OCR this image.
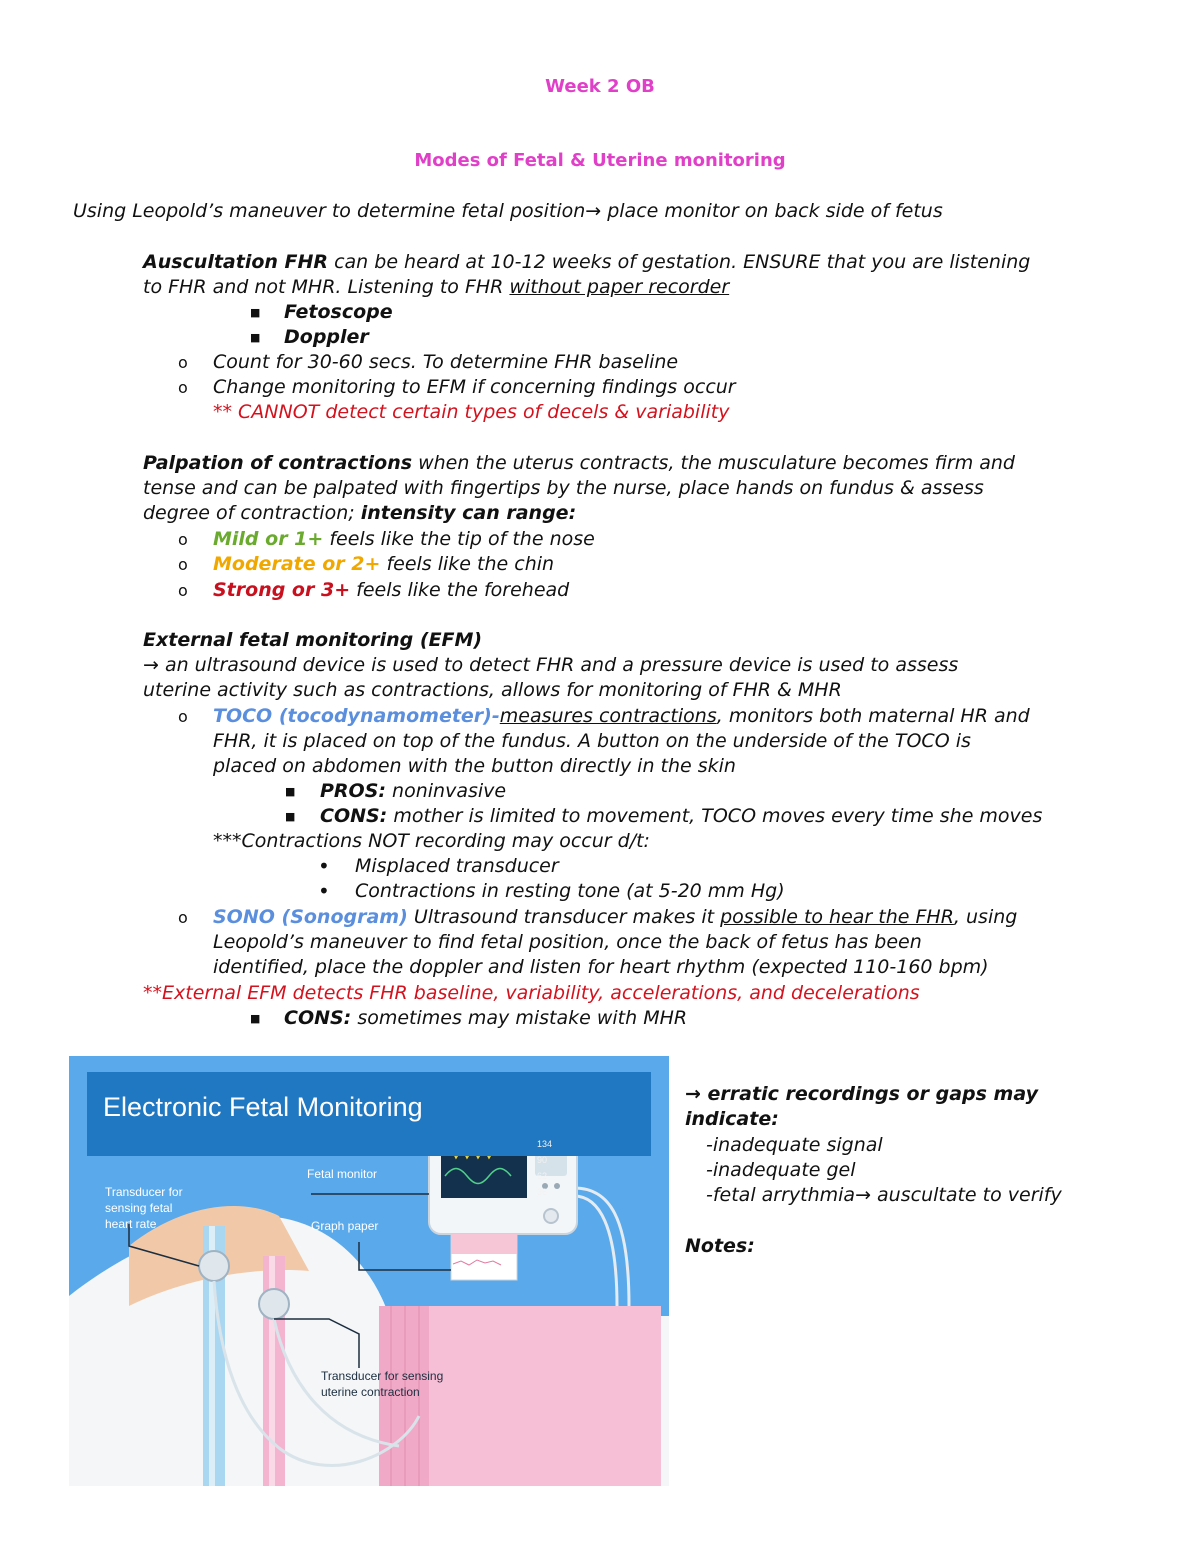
Week 2 OB
Modes of Fetal & Uterine monitoring
Using Leopold’s maneuver to determine fetal position→ place monitor on back side of fetus
Auscultation FHR can be heard at 10-12 weeks of gestation. ENSURE that you are listening
to FHR and not MHR. Listening to FHR without paper recorder
■ Fetoscope
■ Doppler
o Count for 30-60 secs. To determine FHR baseline
o Change monitoring to EFM if concerning findings occur
** CANNOT detect certain types of decels & variability
Palpation of contractions when the uterus contracts, the musculature becomes firm and
tense and can be palpated with fingertips by the nurse, place hands on fundus & assess
degree of contraction; intensity can range:
o Mild or 1+ feels like the tip of the nose
o Moderate or 2+ feels like the chin
o Strong or 3+ feels like the forehead
External fetal monitoring (EFM)
→ an ultrasound device is used to detect FHR and a pressure device is used to assess
uterine activity such as contractions, allows for monitoring of FHR & MHR
o TOCO (tocodynamometer)-measures contractions, monitors both maternal HR and
FHR, it is placed on top of the fundus. A button on the underside of the TOCO is
placed on abdomen with the button directly in the skin
■ PROS: noninvasive
■ CONS: mother is limited to movement, TOCO moves every time she moves
***Contractions NOT recording may occur d/t:
• Misplaced transducer
• Contractions in resting tone (at 5-20 mm Hg)
o SONO (Sonogram) Ultrasound transducer makes it possible to hear the FHR, using
Leopold’s maneuver to find fetal position, once the back of fetus has been
identified, place the doppler and listen for heart rhythm (expected 110-160 bpm)
**External EFM detects FHR baseline, variability, accelerations, and decelerations
■ CONS: sometimes may mistake with MHR
Electronic Fetal Monitoring
134
90
62
36
Fetal monitor
Graph paper
Transducer for
sensing fetal
heart rate
Transducer for sensing
uterine contraction
→ erratic recordings or gaps may
indicate:
-inadequate signal
-inadequate gel
-fetal arrythmia→ auscultate to verify
Notes:
